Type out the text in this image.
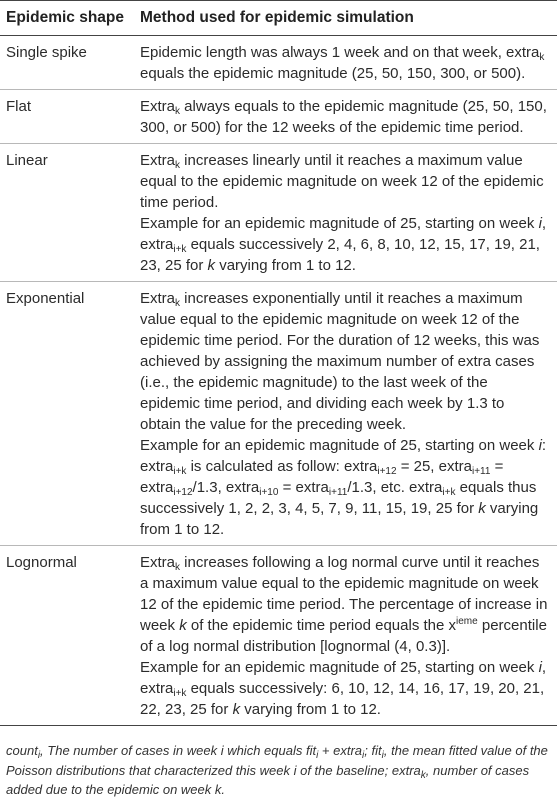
Epidemic shape	Method used for epidemic simulation
Single spike	Epidemic length was always 1 week and on that week, extra$_k$ equals the epidemic magnitude (25, 50, 150, 300, or 500).

Flat	Extra$_k$ always equals to the epidemic magnitude (25, 50, 150, 300, or 500) for the 12 weeks of the epidemic time period.

Linear	Extra$_k$ increases linearly until it reaches a maximum value equal to the epidemic magnitude on week 12 of the epidemic time period.
Example for an epidemic magnitude of 25, starting on week i, extra$_{i+k}$ equals successively 2, 4, 6, 8, 10, 12, 15, 17, 19, 21, 23, 25 for k varying from 1 to 12.

Exponential	Extra$_k$ increases exponentially until it reaches a maximum value equal to the epidemic magnitude on week 12 of the epidemic time period. For the duration of 12 weeks, this was achieved by assigning the maximum number of extra cases (i.e., the epidemic magnitude) to the last week of the epidemic time period, and dividing each week by 1.3 to obtain the value for the preceding week.
Example for an epidemic magnitude of 25, starting on week i: extra$_{i+k}$ is calculated as follow: extra$_{i+12}$ = 25, extra$_{i+11}$ = extra$_{i+12}$/1.3, extra$_{i+10}$ = extra$_{i+11}$/1.3, etc. extra$_{i+k}$ equals thus successively 1, 2, 2, 3, 4, 5, 7, 9, 11, 15, 19, 25 for k varying from 1 to 12.

Lognormal	Extra$_k$ increases following a log normal curve until it reaches a maximum value equal to the epidemic magnitude on week 12 of the epidemic time period. The percentage of increase in week k of the epidemic time period equals the $x^{ieme}$ percentile of a log normal distribution [lognormal (4, 0.3)].
Example for an epidemic magnitude of 25, starting on week i, extra$_{i+k}$ equals successively: 6, 10, 12, 14, 16, 17, 19, 20, 21, 22, 23, 25 for k varying from 1 to 12.
count$_i$, The number of cases in week i which equals fit$_i$ + extra$_i$; fit$_i$, the mean fitted value of the Poisson distributions that characterized this week i of the baseline; extra$_k$, number of cases added due to the epidemic on week k.
